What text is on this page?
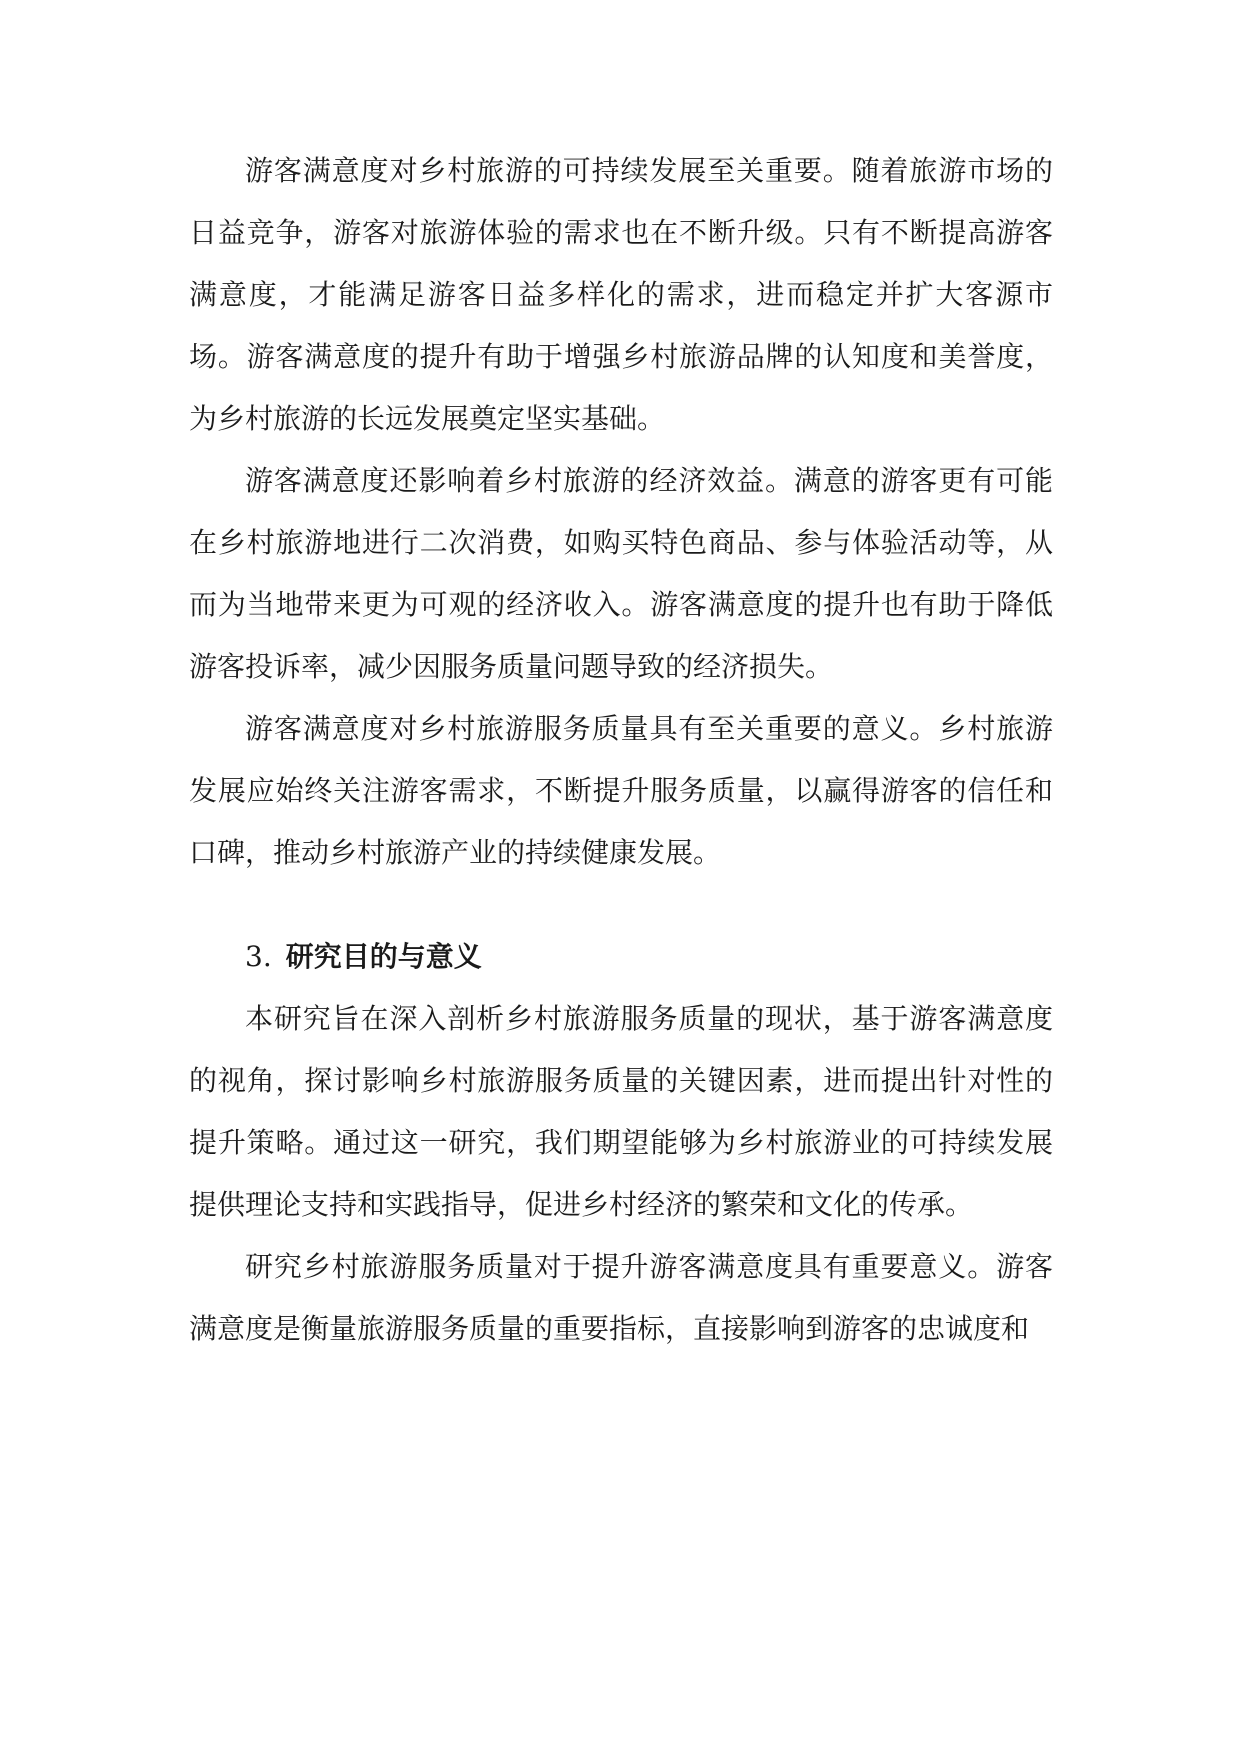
游客满意度对乡村旅游的可持续发展至关重要。随着旅游市场的日益竞争，游客对旅游体验的需求也在不断升级。只有不断提高游客满意度，才能满足游客日益多样化的需求，进而稳定并扩大客源市场。游客满意度的提升有助于增强乡村旅游品牌的认知度和美誉度，为乡村旅游的长远发展奠定坚实基础。

游客满意度还影响着乡村旅游的经济效益。满意的游客更有可能在乡村旅游地进行二次消费，如购买特色商品、参与体验活动等，从而为当地带来更为可观的经济收入。游客满意度的提升也有助于降低游客投诉率，减少因服务质量问题导致的经济损失。

游客满意度对乡村旅游服务质量具有至关重要的意义。乡村旅游发展应始终关注游客需求，不断提升服务质量，以赢得游客的信任和口碑，推动乡村旅游产业的持续健康发展。

3. 研究目的与意义

本研究旨在深入剖析乡村旅游服务质量的现状，基于游客满意度的视角，探讨影响乡村旅游服务质量的关键因素，进而提出针对性的提升策略。通过这一研究，我们期望能够为乡村旅游业的可持续发展提供理论支持和实践指导，促进乡村经济的繁荣和文化的传承。

研究乡村旅游服务质量对于提升游客满意度具有重要意义。游客满意度是衡量旅游服务质量的重要指标，直接影响到游客的忠诚度和
